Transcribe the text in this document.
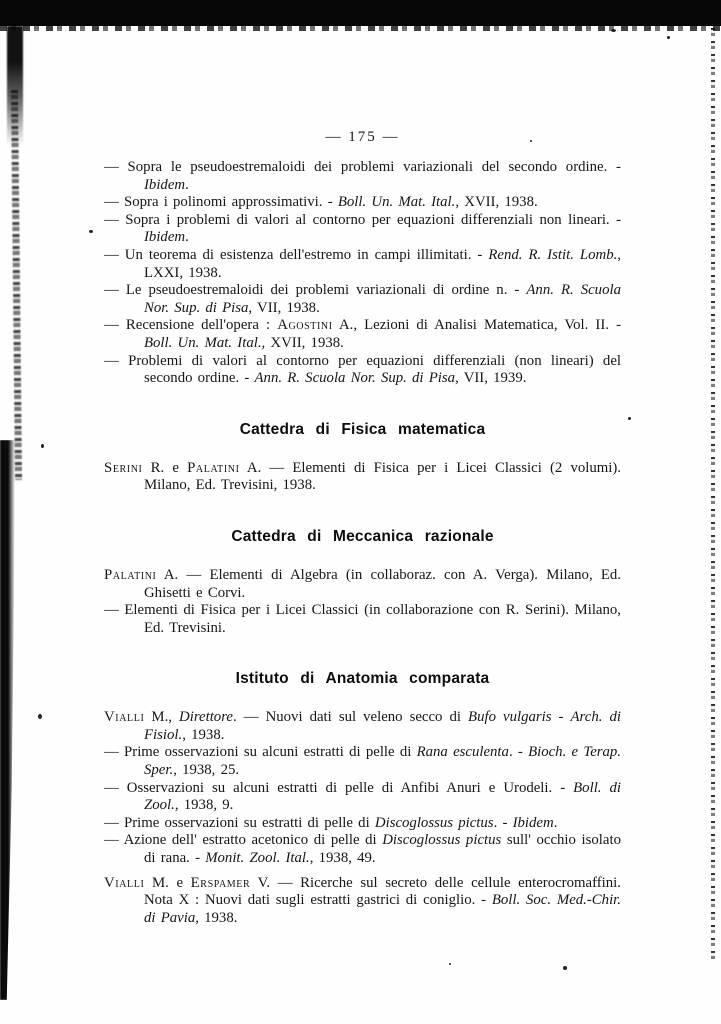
— 175 —

— Sopra le pseudoestremaloidi dei problemi variazionali del secondo ordine. - Ibidem.

— Sopra i polinomi approssimativi. - Boll. Un. Mat. Ital., XVII, 1938.

— Sopra i problemi di valori al contorno per equazioni differenziali non lineari. - Ibidem.

— Un teorema di esistenza dell'estremo in campi illimitati. - Rend. R. Istit. Lomb., LXXI, 1938.

— Le pseudoestremaloidi dei problemi variazionali di ordine n. - Ann. R. Scuola Nor. Sup. di Pisa, VII, 1938.

— Recensione dell'opera : Agostini A., Lezioni di Analisi Matematica, Vol. II. - Boll. Un. Mat. Ital., XVII, 1938.

— Problemi di valori al contorno per equazioni differenziali (non lineari) del secondo ordine. - Ann. R. Scuola Nor. Sup. di Pisa, VII, 1939.

Cattedra di Fisica matematica

Serini R. e Palatini A. — Elementi di Fisica per i Licei Classici (2 volumi). Milano, Ed. Trevisini, 1938.

Cattedra di Meccanica razionale

Palatini A. — Elementi di Algebra (in collaboraz. con A. Verga). Milano, Ed. Ghisetti e Corvi.

— Elementi di Fisica per i Licei Classici (in collaborazione con R. Serini). Milano, Ed. Trevisini.

Istituto di Anatomia comparata

Vialli M., Direttore. — Nuovi dati sul veleno secco di Bufo vulgaris - Arch. di Fisiol., 1938.

— Prime osservazioni su alcuni estratti di pelle di Rana esculenta. - Bioch. e Terap. Sper., 1938, 25.

— Osservazioni su alcuni estratti di pelle di Anfibi Anuri e Urodeli. - Boll. di Zool., 1938, 9.

— Prime osservazioni su estratti di pelle di Discoglossus pictus. - Ibidem.

— Azione dell' estratto acetonico di pelle di Discoglossus pictus sull' occhio isolato di rana. - Monit. Zool. Ital., 1938, 49.

Vialli M. e Erspamer V. — Ricerche sul secreto delle cellule enterocromaffini. Nota X : Nuovi dati sugli estratti gastrici di coniglio. - Boll. Soc. Med.-Chir. di Pavia, 1938.
